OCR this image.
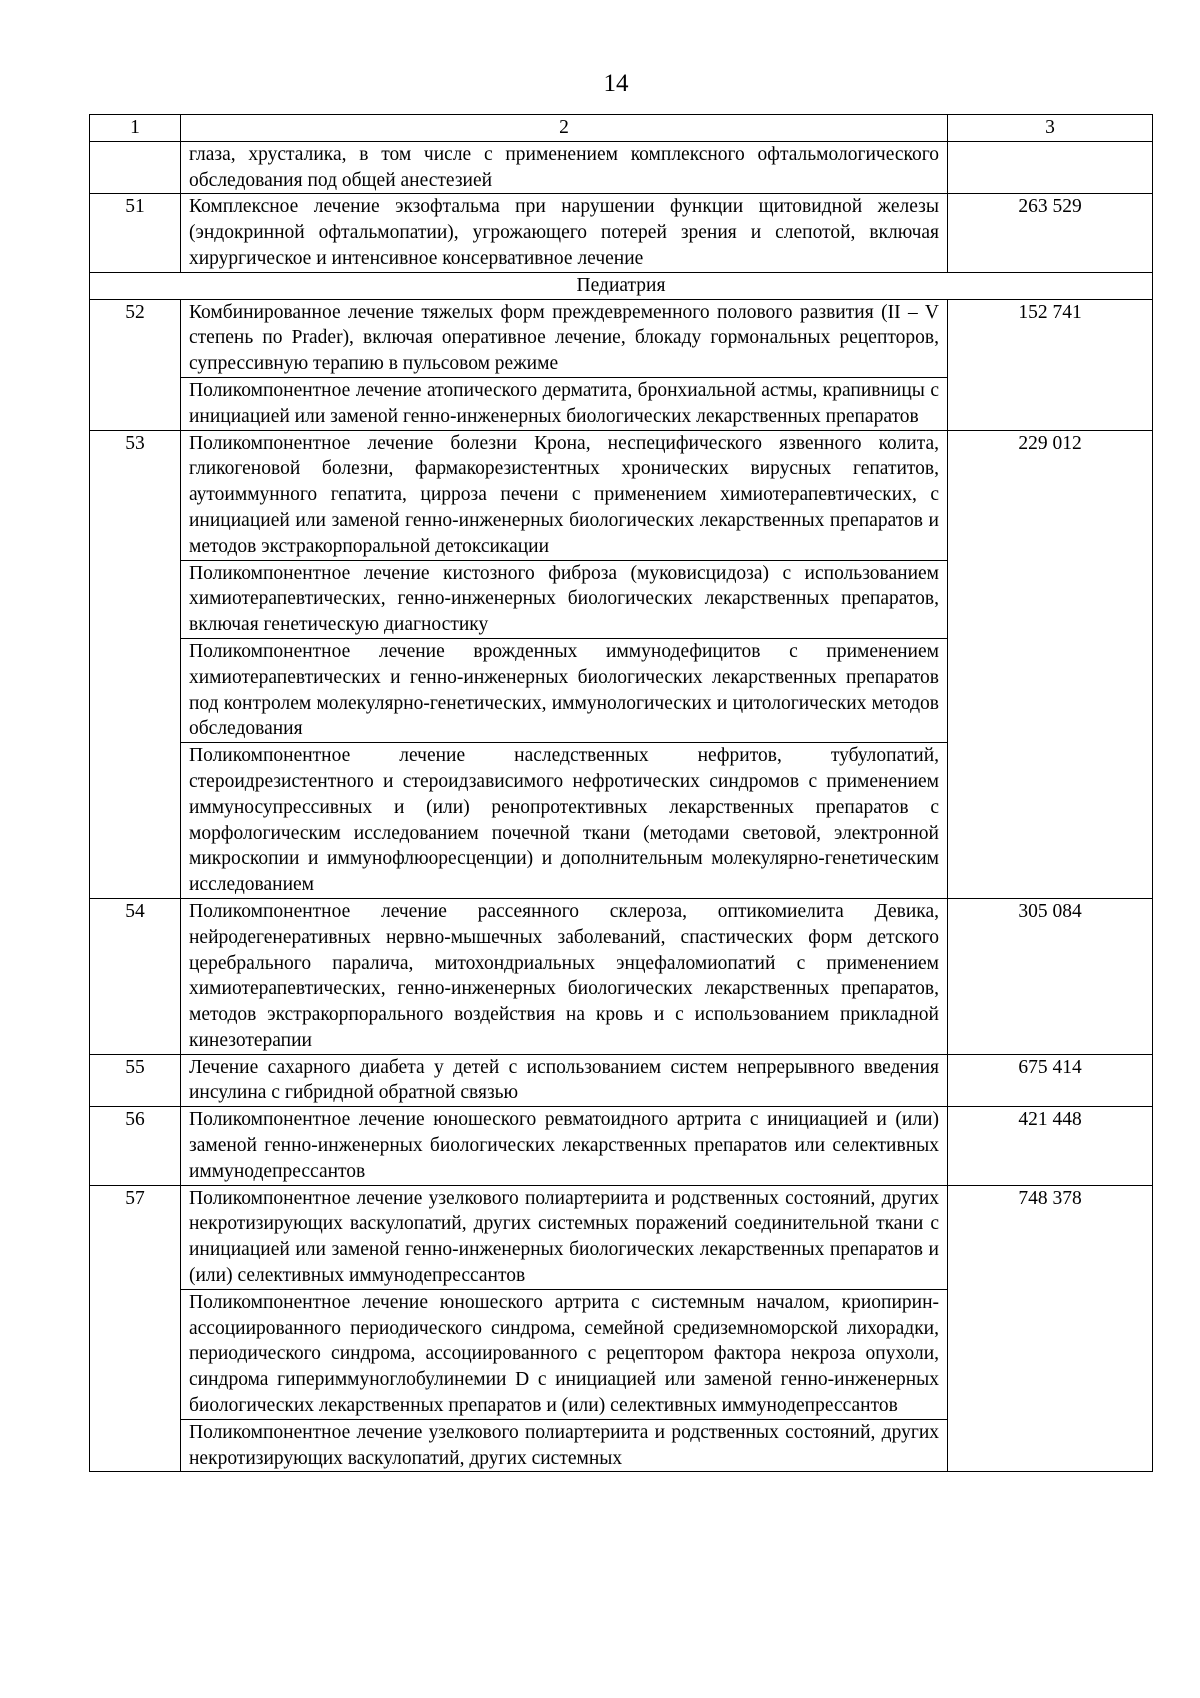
14
1	2	3
	глаза, хрусталика, в том числе с применением комплексного офтальмологического обследования под общей анестезией	
51	Комплексное лечение экзофтальма при нарушении функции щитовидной железы (эндокринной офтальмопатии), угрожающего потерей зрения и слепотой, включая хирургическое и интенсивное консервативное лечение	263 529
Педиатрия		
52	Комбинированное лечение тяжелых форм преждевременного полового развития (II – V степень по Prader), включая оперативное лечение, блокаду гормональных рецепторов, супрессивную терапию в пульсовом режиме	152 741
	Поликомпонентное лечение атопического дерматита, бронхиальной астмы, крапивницы с инициацией или заменой генно-инженерных биологических лекарственных препаратов	
53	Поликомпонентное лечение болезни Крона, неспецифического язвенного колита, гликогеновой болезни, фармакорезистентных хронических вирусных гепатитов, аутоиммунного гепатита, цирроза печени с применением химиотерапевтических, с инициацией или заменой генно-инженерных биологических лекарственных препаратов и методов экстракорпоральной детоксикации	229 012
	Поликомпонентное лечение кистозного фиброза (муковисцидоза) с использованием химиотерапевтических, генно-инженерных биологических лекарственных препаратов, включая генетическую диагностику	
	Поликомпонентное лечение врожденных иммунодефицитов с применением химиотерапевтических и генно-инженерных биологических лекарственных препаратов под контролем молекулярно-генетических, иммунологических и цитологических методов обследования	
	Поликомпонентное лечение наследственных нефритов, тубулопатий, стероидрезистентного и стероидзависимого нефротических синдромов с применением иммуносупрессивных и (или) ренопротективных лекарственных препаратов с морфологическим исследованием почечной ткани (методами световой, электронной микроскопии и иммунофлюоресценции) и дополнительным молекулярно-генетическим исследованием	
54	Поликомпонентное лечение рассеянного склероза, оптикомиелита Девика, нейродегенеративных нервно-мышечных заболеваний, спастических форм детского церебрального паралича, митохондриальных энцефаломиопатий с применением химиотерапевтических, генно-инженерных биологических лекарственных препаратов, методов экстракорпорального воздействия на кровь и с использованием прикладной кинезотерапии	305 084
55	Лечение сахарного диабета у детей с использованием систем непрерывного введения инсулина с гибридной обратной связью	675 414
56	Поликомпонентное лечение юношеского ревматоидного артрита с инициацией и (или) заменой генно-инженерных биологических лекарственных препаратов или селективных иммунодепрессантов	421 448
57	Поликомпонентное лечение узелкового полиартериита и родственных состояний, других некротизирующих васкулопатий, других системных поражений соединительной ткани с инициацией или заменой генно-инженерных биологических лекарственных препаратов и (или) селективных иммунодепрессантов	748 378
	Поликомпонентное лечение юношеского артрита с системным началом, криопирин-ассоциированного периодического синдрома, семейной средиземноморской лихорадки, периодического синдрома, ассоциированного с рецептором фактора некроза опухоли, синдрома гипериммуноглобулинемии D с инициацией или заменой генно-инженерных биологических лекарственных препаратов и (или) селективных иммунодепрессантов	
	Поликомпонентное лечение узелкового полиартериита и родственных состояний, других некротизирующих васкулопатий, других системных	
